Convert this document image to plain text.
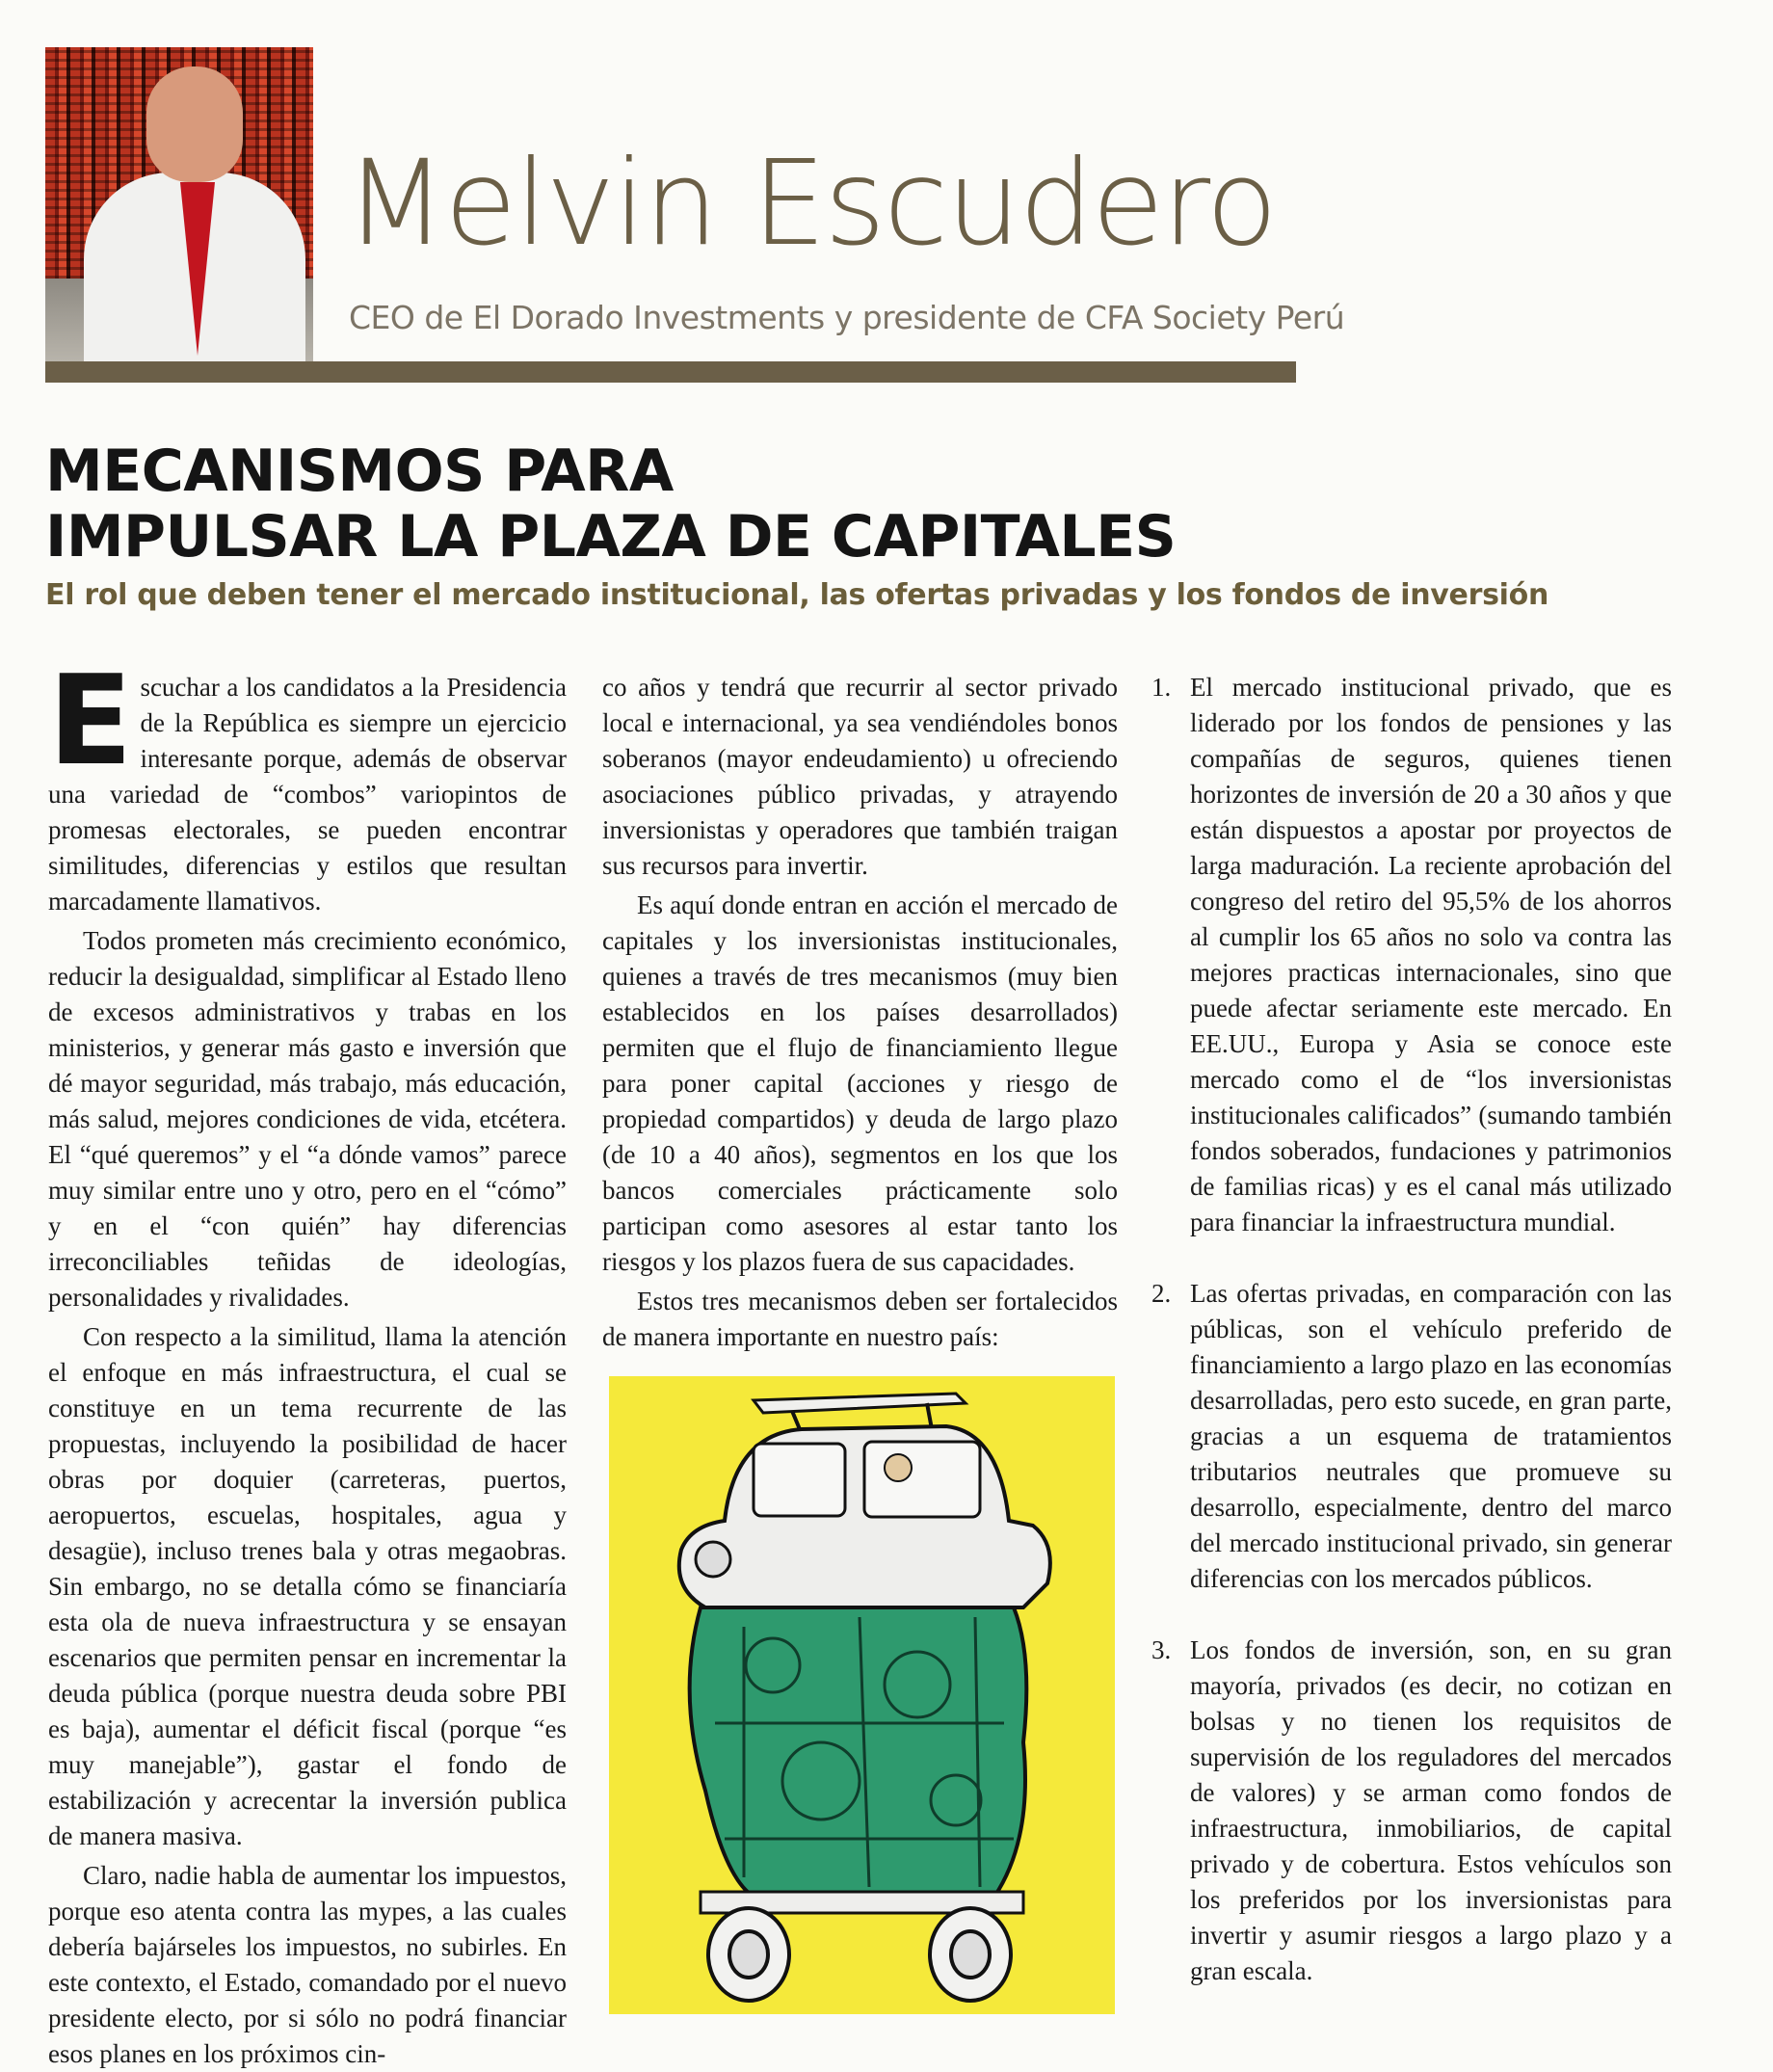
Melvin Escudero

CEO de El Dorado Investments y presidente de CFA Society Perú

MECANISMOS PARA
IMPULSAR LA PLAZA DE CAPITALES

El rol que deben tener el mercado institucional, las ofertas privadas y los fondos de inversión

Escuchar a los candidatos a la Presidencia de la República es siempre un ejercicio interesante porque, además de observar una variedad de “combos” variopintos de promesas electorales, se pueden encontrar similitudes, diferencias y estilos que resultan marcadamente llamativos.

Todos prometen más crecimiento económico, reducir la desigualdad, simplificar al Estado lleno de excesos administrativos y trabas en los ministerios, y generar más gasto e inversión que dé mayor seguridad, más trabajo, más educación, más salud, mejores condiciones de vida, etcétera. El “qué queremos” y el “a dónde vamos” parece muy similar entre uno y otro, pero en el “cómo” y en el “con quién” hay diferencias irreconciliables teñidas de ideologías, personalidades y rivalidades.

Con respecto a la similitud, llama la atención el enfoque en más infraestructura, el cual se constituye en un tema recurrente de las propuestas, incluyendo la posibilidad de hacer obras por doquier (carreteras, puertos, aeropuertos, escuelas, hospitales, agua y desagüe), incluso trenes bala y otras megaobras. Sin embargo, no se detalla cómo se financiaría esta ola de nueva infraestructura y se ensayan escenarios que permiten pensar en incrementar la deuda pública (porque nuestra deuda sobre PBI es baja), aumentar el déficit fiscal (porque “es muy manejable”), gastar el fondo de estabilización y acrecentar la inversión publica de manera masiva.

Claro, nadie habla de aumentar los impuestos, porque eso atenta contra las mypes, a las cuales debería bajárseles los impuestos, no subirles. En este contexto, el Estado, comandado por el nuevo presidente electo, por si sólo no podrá financiar esos planes en los próximos cin-

co años y tendrá que recurrir al sector privado local e internacional, ya sea vendiéndoles bonos soberanos (mayor endeudamiento) u ofreciendo asociaciones público privadas, y atrayendo inversionistas y operadores que también traigan sus recursos para invertir.

Es aquí donde entran en acción el mercado de capitales y los inversionistas institucionales, quienes a través de tres mecanismos (muy bien establecidos en los países desarrollados) permiten que el flujo de financiamiento llegue para poner capital (acciones y riesgo de propiedad compartidos) y deuda de largo plazo (de 10 a 40 años), segmentos en los que los bancos comerciales prácticamente solo participan como asesores al estar tanto los riesgos y los plazos fuera de sus capacidades.

Estos tres mecanismos deben ser fortalecidos de manera importante en nuestro país:

1. El mercado institucional privado, que es liderado por los fondos de pensiones y las compañías de seguros, quienes tienen horizontes de inversión de 20 a 30 años y que están dispuestos a apostar por proyectos de larga maduración. La reciente aprobación del congreso del retiro del 95,5% de los ahorros al cumplir los 65 años no solo va contra las mejores practicas internacionales, sino que puede afectar seriamente este mercado. En EE.UU., Europa y Asia se conoce este mercado como el de “los inversionistas institucionales calificados” (sumando también fondos soberados, fundaciones y patrimonios de familias ricas) y es el canal más utilizado para financiar la infraestructura mundial.
2. Las ofertas privadas, en comparación con las públicas, son el vehículo preferido de financiamiento a largo plazo en las economías desarrolladas, pero esto sucede, en gran parte, gracias a un esquema de tratamientos tributarios neutrales que promueve su desarrollo, especialmente, dentro del marco del mercado institucional privado, sin generar diferencias con los mercados públicos.
3. Los fondos de inversión, son, en su gran mayoría, privados (es decir, no cotizan en bolsas y no tienen los requisitos de supervisión de los reguladores del mercados de valores) y se arman como fondos de infraestructura, inmobiliarios, de capital privado y de cobertura. Estos vehículos son los preferidos por los inversionistas para invertir y asumir riesgos a largo plazo y a gran escala.
